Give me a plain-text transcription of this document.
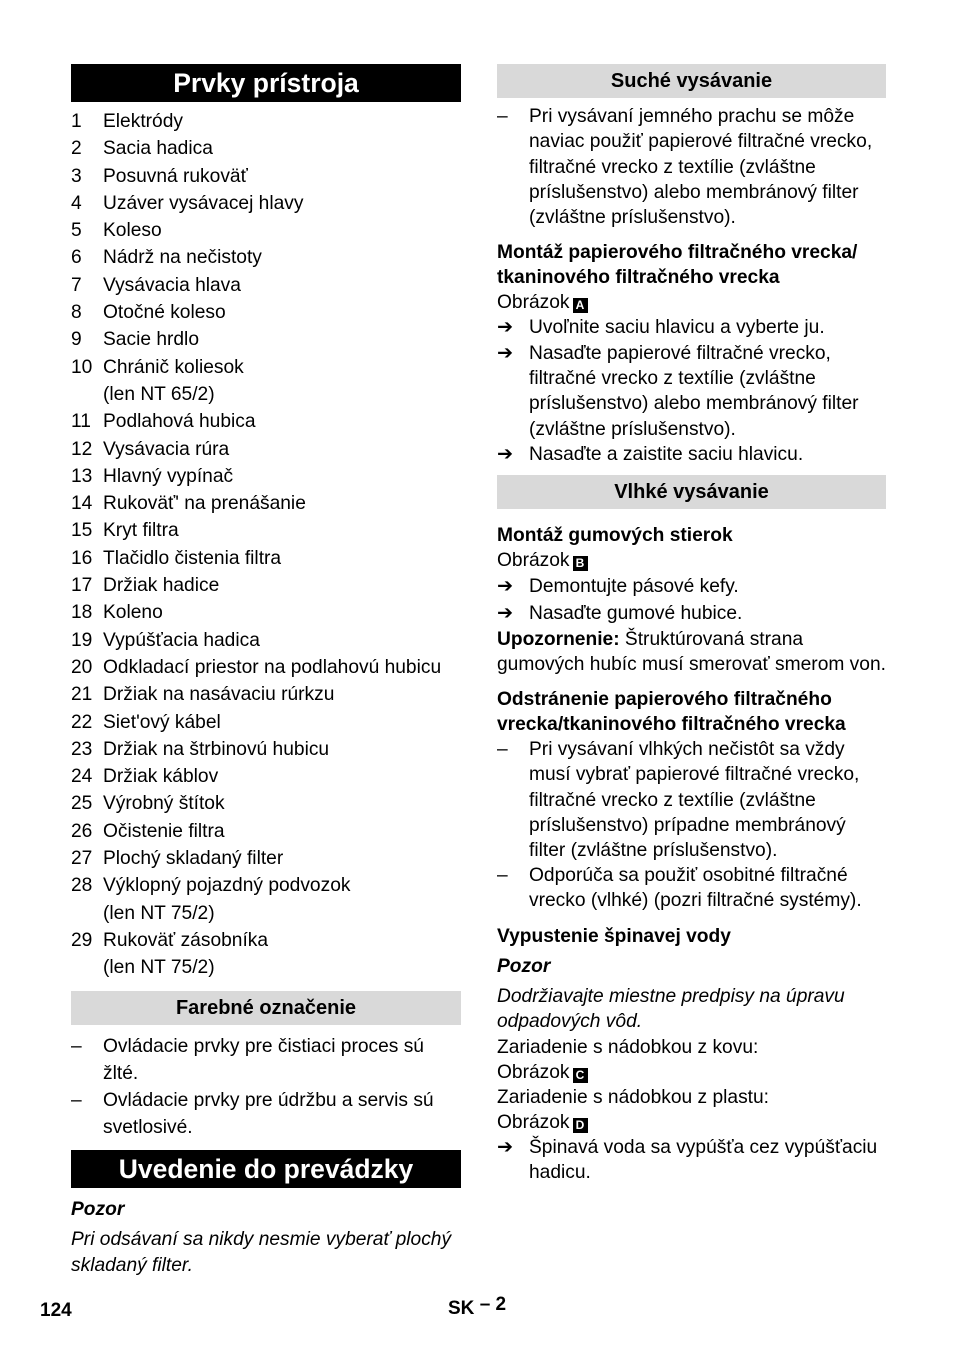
Prvky prístroja
1	Elektródy
2	Sacia hadica
3	Posuvná rukoväť
4	Uzáver vysávacej hlavy
5	Koleso
6	Nádrž na nečistoty
7	Vysávacia hlava
8	Otočné koleso
9	Sacie hrdlo
10 Chránič koliesok
(len NT 65/2)
11 Podlahová hubica
12 Vysávacia rúra
13 Hlavný vypínač
14 Rukoväť' na prenášanie
15 Kryt filtra
16 Tlačidlo čistenia filtra
17 Držiak hadice
18 Koleno
19 Vypúšťacia hadica
20 Odkladací priestor na podlahovú hubicu
21 Držiak na nasávaciu rúrkzu
22 Siet'ový kábel
23 Držiak na štrbinovú hubicu
24 Držiak káblov
25 Výrobný štítok
26 Očistenie filtra
27 Plochý skladaný filter
28 Výklopný pojazdný podvozok
(len NT 75/2)
29 Rukoväť zásobníka
(len NT 75/2)
Farebné označenie
–	Ovládacie prvky pre čistiaci proces sú žlté.
–	Ovládacie prvky pre údržbu a servis sú svetlosivé.
Uvedenie do prevádzky

Pozor

Pri odsávaní sa nikdy nesmie vyberať plochý skladaný filter.

Suché vysávanie
–	Pri vysávaní jemného prachu se môže naviac použiť papierové filtračné vrecko, filtračné vrecko z textílie (zvláštne príslušenstvo) alebo membránový filter (zvláštne príslušenstvo).

Montáž papierového filtračného vrecka/ tkaninového filtračného vrecka

Obrázok A

➔ Uvoľnite saciu hlavicu a vyberte ju.
➔ Nasaďte papierové filtračné vrecko, filtračné vrecko z textílie (zvláštne príslušenstvo) alebo membránový filter (zvláštne príslušenstvo).
➔ Nasaďte a zaistite saciu hlavicu.
Vlhké vysávanie

Montáž gumových stierok

Obrázok B

➔ Demontujte pásové kefy.
➔ Nasaďte gumové hubice.

Upozornenie: Štruktúrovaná strana gumových hubíc musí smerovať smerom von.

Odstránenie papierového filtračného vrecka/tkaninového filtračného vrecka

–	Pri vysávaní vlhkých nečistôt sa vždy musí vybrať papierové filtračné vrecko, filtračné vrecko z textílie (zvláštne príslušenstvo) prípadne membránový filter (zvláštne príslušenstvo).
–	Odporúča sa použiť osobitné filtračné vrecko (vlhké) (pozri filtračné systémy).

Vypustenie špinavej vody

Pozor

Dodržiavajte miestne predpisy na úpravu odpadových vôd.

Zariadenie s nádobkou z kovu:

Obrázok C

Zariadenie s nádobkou z plastu:

Obrázok D

➔ Špinavá voda sa vypúšťa cez vypúšťaciu hadicu.
124	SK – 2
